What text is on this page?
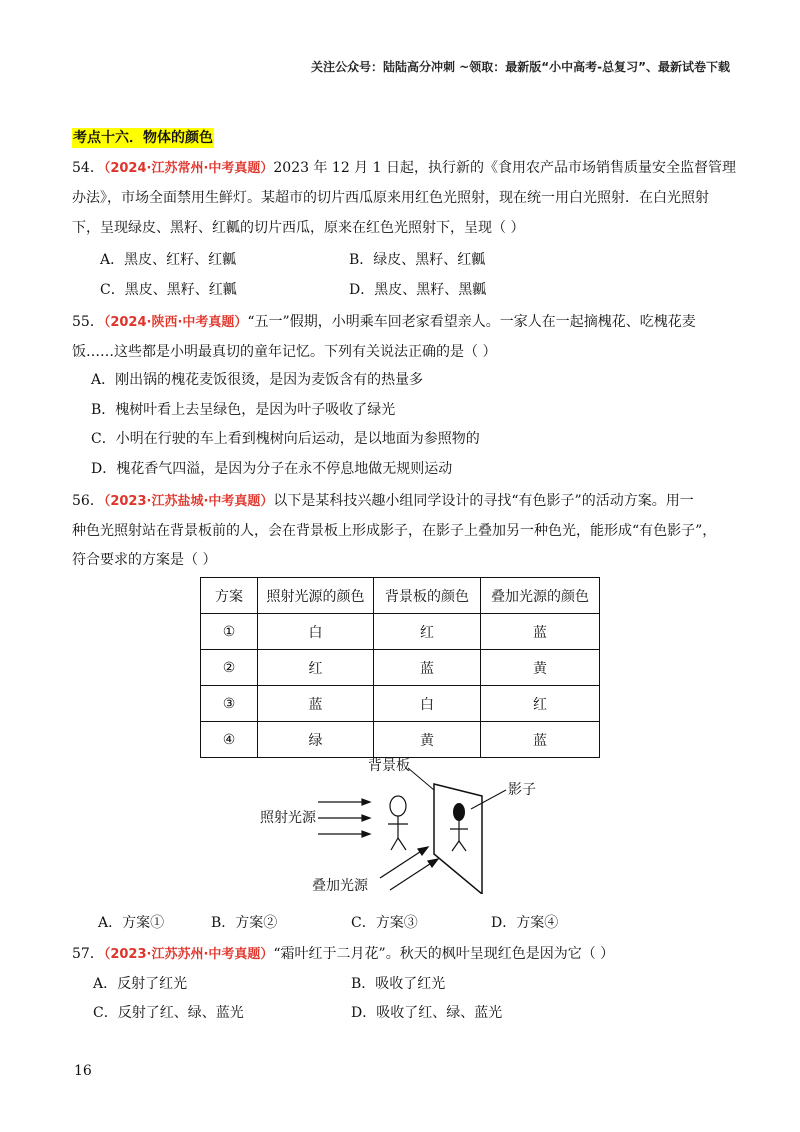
关注公众号：陆陆高分冲刺 ~领取：最新版“小中高考-总复习”、最新试卷下载
考点十六．物体的颜色
54．（2024·江苏常州·中考真题）2023 年 12 月 1 日起，执行新的《食用农产品市场销售质量安全监督管理
办法》，市场全面禁用生鲜灯。某超市的切片西瓜原来用红色光照射，现在统一用白光照射．在白光照射
下，呈现绿皮、黑籽、红瓤的切片西瓜，原来在红色光照射下，呈现（ ）
A．黑皮、红籽、红瓤	B．绿皮、黑籽、红瓤
C．黑皮、黑籽、红瓤	D．黑皮、黑籽、黑瓤
55．（2024·陕西·中考真题）“五一”假期，小明乘车回老家看望亲人。一家人在一起摘槐花、吃槐花麦
饭……这些都是小明最真切的童年记忆。下列有关说法正确的是（ ）
A．刚出锅的槐花麦饭很烫，是因为麦饭含有的热量多
B．槐树叶看上去呈绿色，是因为叶子吸收了绿光
C．小明在行驶的车上看到槐树向后运动，是以地面为参照物的
D．槐花香气四溢，是因为分子在永不停息地做无规则运动
56．（2023·江苏盐城·中考真题）以下是某科技兴趣小组同学设计的寻找“有色影子”的活动方案。用一
种色光照射站在背景板前的人，会在背景板上形成影子，在影子上叠加另一种色光，能形成“有色影子”，
符合要求的方案是（ ）
方案	照射光源的颜色	背景板的颜色	叠加光源的颜色
①	白	红	蓝
②	红	蓝	黄
③	蓝	白	红
④	绿	黄	蓝
背景板
影子
照射光源
叠加光源
A．方案①	B．方案②	C．方案③	D．方案④
57．（2023·江苏苏州·中考真题）“霜叶红于二月花”。秋天的枫叶呈现红色是因为它（ ）
A．反射了红光	B．吸收了红光
C．反射了红、绿、蓝光	D．吸收了红、绿、蓝光
16
